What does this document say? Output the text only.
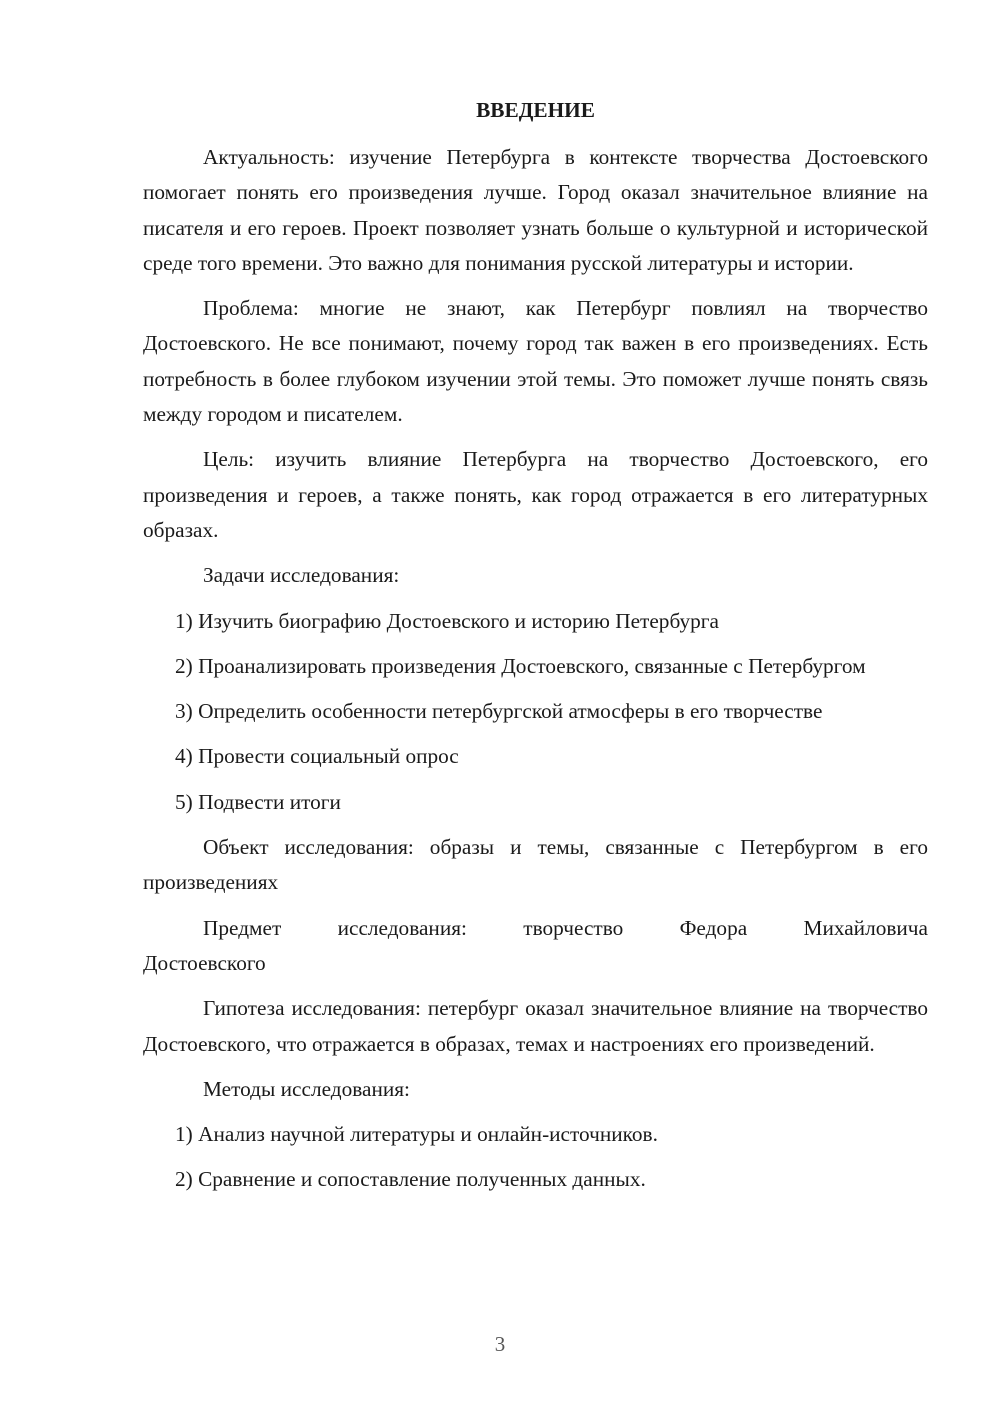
ВВЕДЕНИЕ

Актуальность: изучение Петербурга в контексте творчества Достоевского помогает понять его произведения лучше. Город оказал значительное влияние на писателя и его героев. Проект позволяет узнать больше о культурной и исторической среде того времени. Это важно для понимания русской литературы и истории.

Проблема: многие не знают, как Петербург повлиял на творчество Достоевского. Не все понимают, почему город так важен в его произведениях. Есть потребность в более глубоком изучении этой темы. Это поможет лучше понять связь между городом и писателем.

Цель: изучить влияние Петербурга на творчество Достоевского, его произведения и героев, а также понять, как город отражается в его литературных образах.

Задачи исследования:

1) Изучить биографию Достоевского и историю Петербурга

2) Проанализировать произведения Достоевского, связанные с Петербургом

3) Определить особенности петербургской атмосферы в его творчестве

4) Провести социальный опрос

5) Подвести итоги

Объект исследования: образы и темы, связанные с Петербургом в его произведениях

Предмет	исследования:	творчество	Федора	Михайловича
Достоевского

Гипотеза исследования: петербург оказал значительное влияние на творчество Достоевского, что отражается в образах, темах и настроениях его произведений.

Методы исследования:

1) Анализ научной литературы и онлайн-источников.

2) Сравнение и сопоставление полученных данных.

3
